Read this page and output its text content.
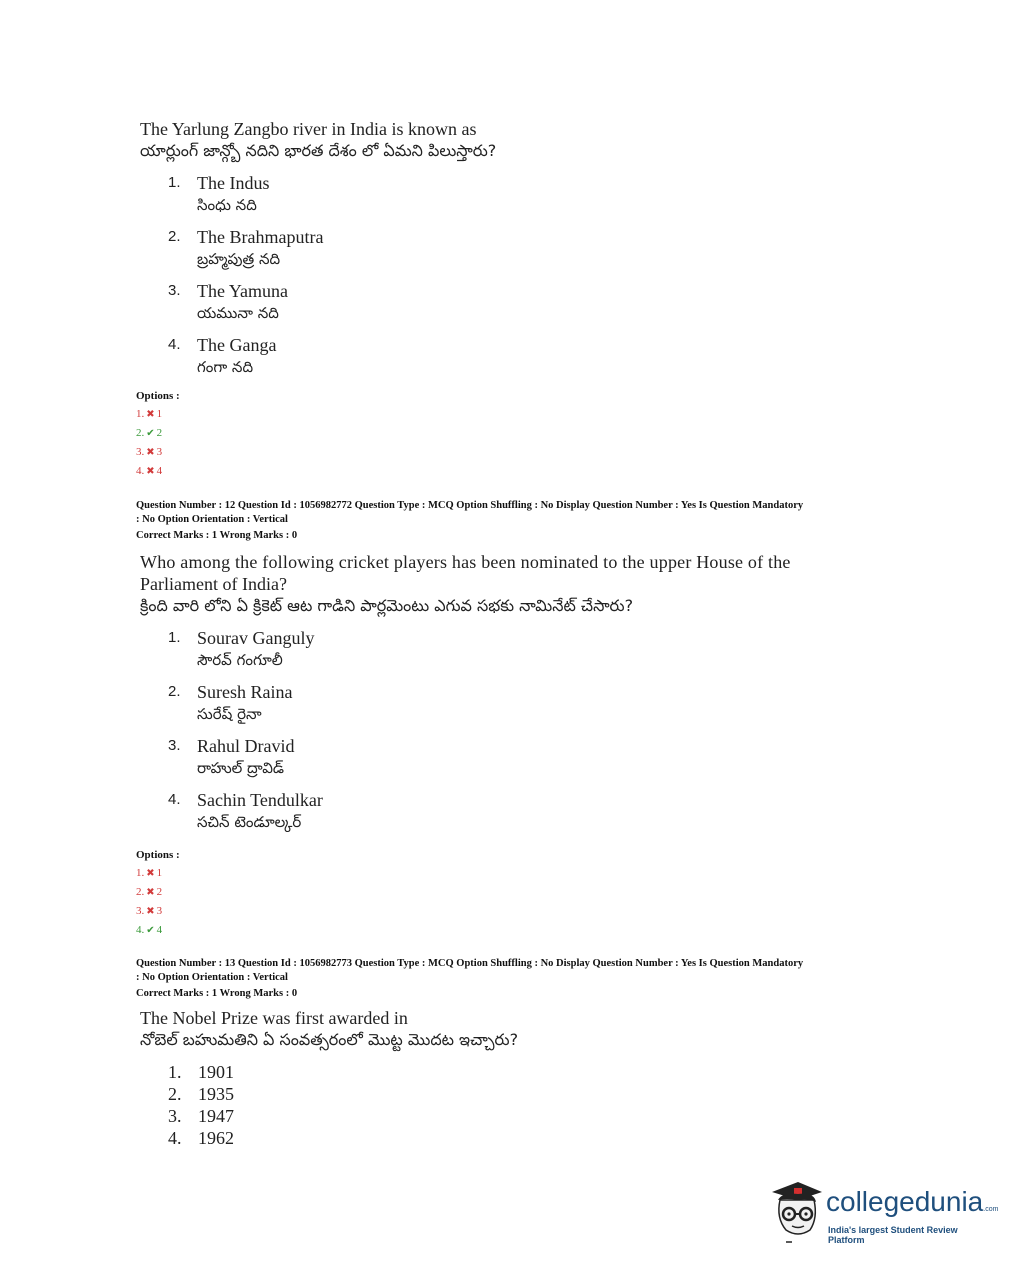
The Yarlung Zangbo river in India is known as
యార్లుంగ్ జాన్గ్బో నదిని భారత దేశం లో ఏమని పిలుస్తారు?
1. The Indus
సింధు నది
2. The Brahmaputra
బ్రహ్మపుత్ర నది
3. The Yamuna
యమునా నది
4. The Ganga
గంగా నది
Options :
1. ✖ 1
2. ✔ 2
3. ✖ 3
4. ✖ 4
Question Number : 12 Question Id : 1056982772 Question Type : MCQ Option Shuffling : No Display Question Number : Yes Is Question Mandatory
: No Option Orientation : Vertical
Correct Marks : 1 Wrong Marks : 0
Who among the following cricket players has been nominated to the upper House of the
Parliament of India?
క్రింది వారి లోని ఏ క్రికెట్ ఆట గాడిని పార్లమెంటు ఎగువ సభకు నామినేట్ చేసారు?
1. Sourav Ganguly
సౌరవ్ గంగూలీ
2. Suresh Raina
సురేష్ రైనా
3. Rahul Dravid
రాహుల్ ద్రావిడ్
4. Sachin Tendulkar
సచిన్ టెండూల్కర్
Options :
1. ✖ 1
2. ✖ 2
3. ✖ 3
4. ✔ 4
Question Number : 13 Question Id : 1056982773 Question Type : MCQ Option Shuffling : No Display Question Number : Yes Is Question Mandatory
: No Option Orientation : Vertical
Correct Marks : 1 Wrong Marks : 0
The Nobel Prize was first awarded in
నోబెల్ బహుమతిని ఏ సంవత్సరంలో మొట్ట మొదట ఇచ్చారు?
1. 1901
2. 1935
3. 1947
4. 1962
collegedunia.com
India's largest Student Review Platform
